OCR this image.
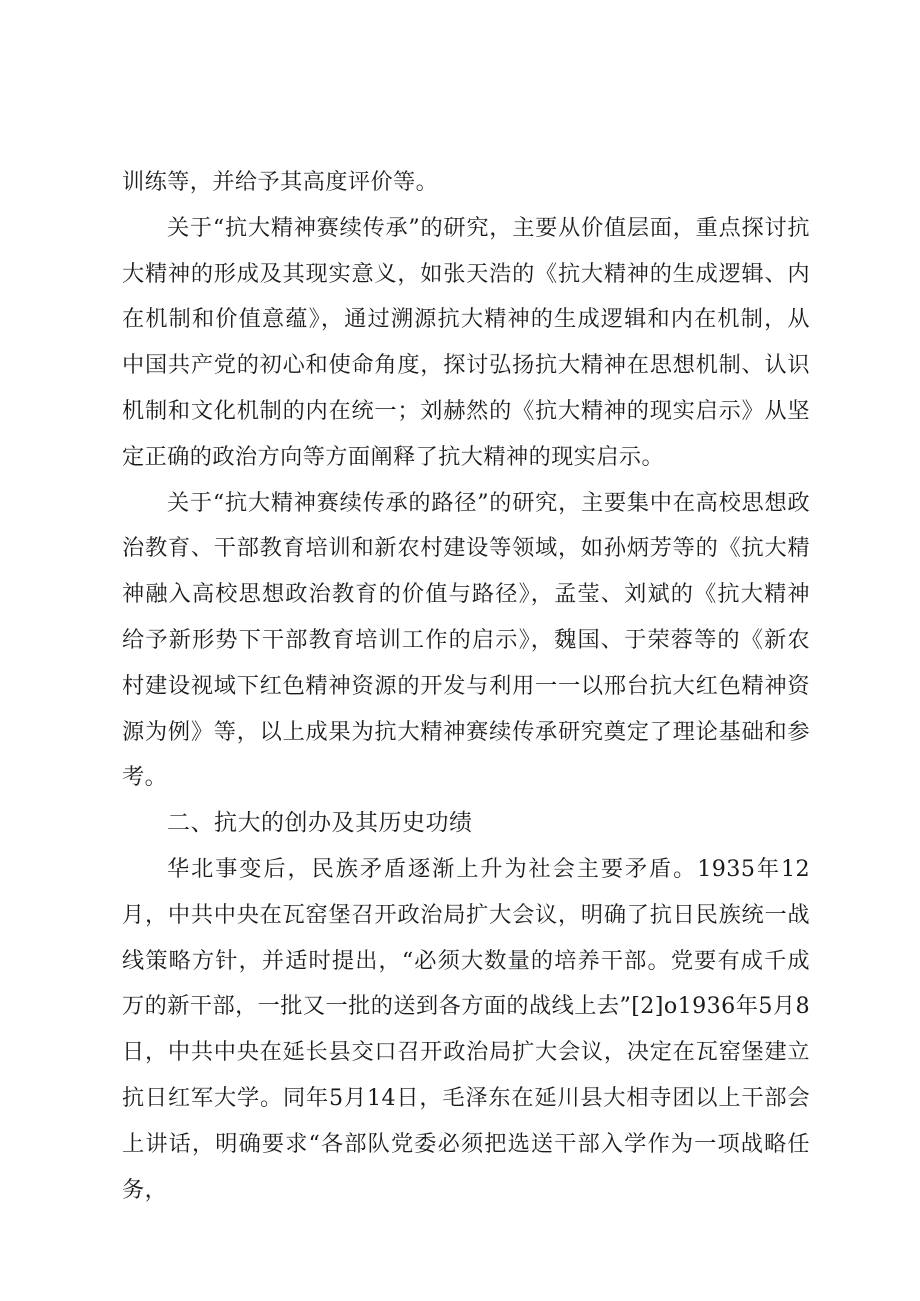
训练等，并给予其高度评价等。

关于“抗大精神赛续传承”的研究，主要从价值层面，重点探讨抗大精神的形成及其现实意义，如张天浩的《抗大精神的生成逻辑、内在机制和价值意蕴》，通过溯源抗大精神的生成逻辑和内在机制，从中国共产党的初心和使命角度，探讨弘扬抗大精神在思想机制、认识机制和文化机制的内在统一；刘赫然的《抗大精神的现实启示》从坚定正确的政治方向等方面阐释了抗大精神的现实启示。

关于“抗大精神赛续传承的路径”的研究，主要集中在高校思想政治教育、干部教育培训和新农村建设等领域，如孙炳芳等的《抗大精神融入高校思想政治教育的价值与路径》，孟莹、刘斌的《抗大精神给予新形势下干部教育培训工作的启示》，魏国、于荣蓉等的《新农村建设视域下红色精神资源的开发与利用一一以邢台抗大红色精神资源为例》等，以上成果为抗大精神赛续传承研究奠定了理论基础和参考。

二、抗大的创办及其历史功绩

华北事变后，民族矛盾逐渐上升为社会主要矛盾。1935年12月，中共中央在瓦窑堡召开政治局扩大会议，明确了抗日民族统一战线策略方针，并适时提出，“必须大数量的培养干部。党要有成千成万的新干部，一批又一批的送到各方面的战线上去”[2]o1936年5月8日，中共中央在延长县交口召开政治局扩大会议，决定在瓦窑堡建立抗日红军大学。同年5月14日，毛泽东在延川县大相寺团以上干部会上讲话，明确要求“各部队党委必须把选送干部入学作为一项战略任务，
